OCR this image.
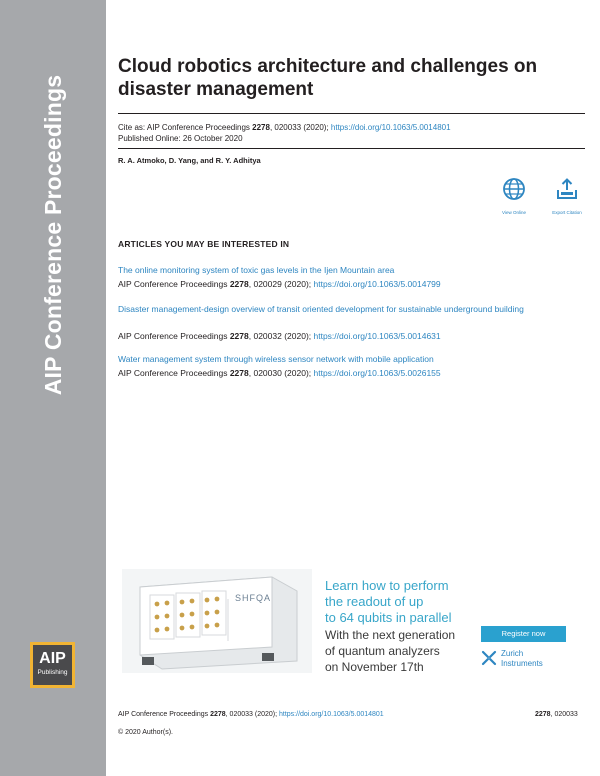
AIP Conference Proceedings
AIP
Publishing
Cloud robotics architecture and challenges on disaster management
Cite as: AIP Conference Proceedings 2278, 020033 (2020); https://doi.org/10.1063/5.0014801
Published Online: 26 October 2020
R. A. Atmoko, D. Yang, and R. Y. Adhitya
View Online	Export Citation
ARTICLES YOU MAY BE INTERESTED IN
The online monitoring system of toxic gas levels in the Ijen Mountain area
AIP Conference Proceedings 2278, 020029 (2020); https://doi.org/10.1063/5.0014799
Disaster management-design overview of transit oriented development for sustainable underground building
AIP Conference Proceedings 2278, 020032 (2020); https://doi.org/10.1063/5.0014631
Water management system through wireless sensor network with mobile application
AIP Conference Proceedings 2278, 020030 (2020); https://doi.org/10.1063/5.0026155
SHFQA
Learn how to perform
the readout of up
to 64 qubits in parallel
With the next generation
of quantum analyzers
on November 17th
Register now
Zurich
Instruments
AIP Conference Proceedings 2278, 020033 (2020); https://doi.org/10.1063/5.0014801	2278, 020033
© 2020 Author(s).
